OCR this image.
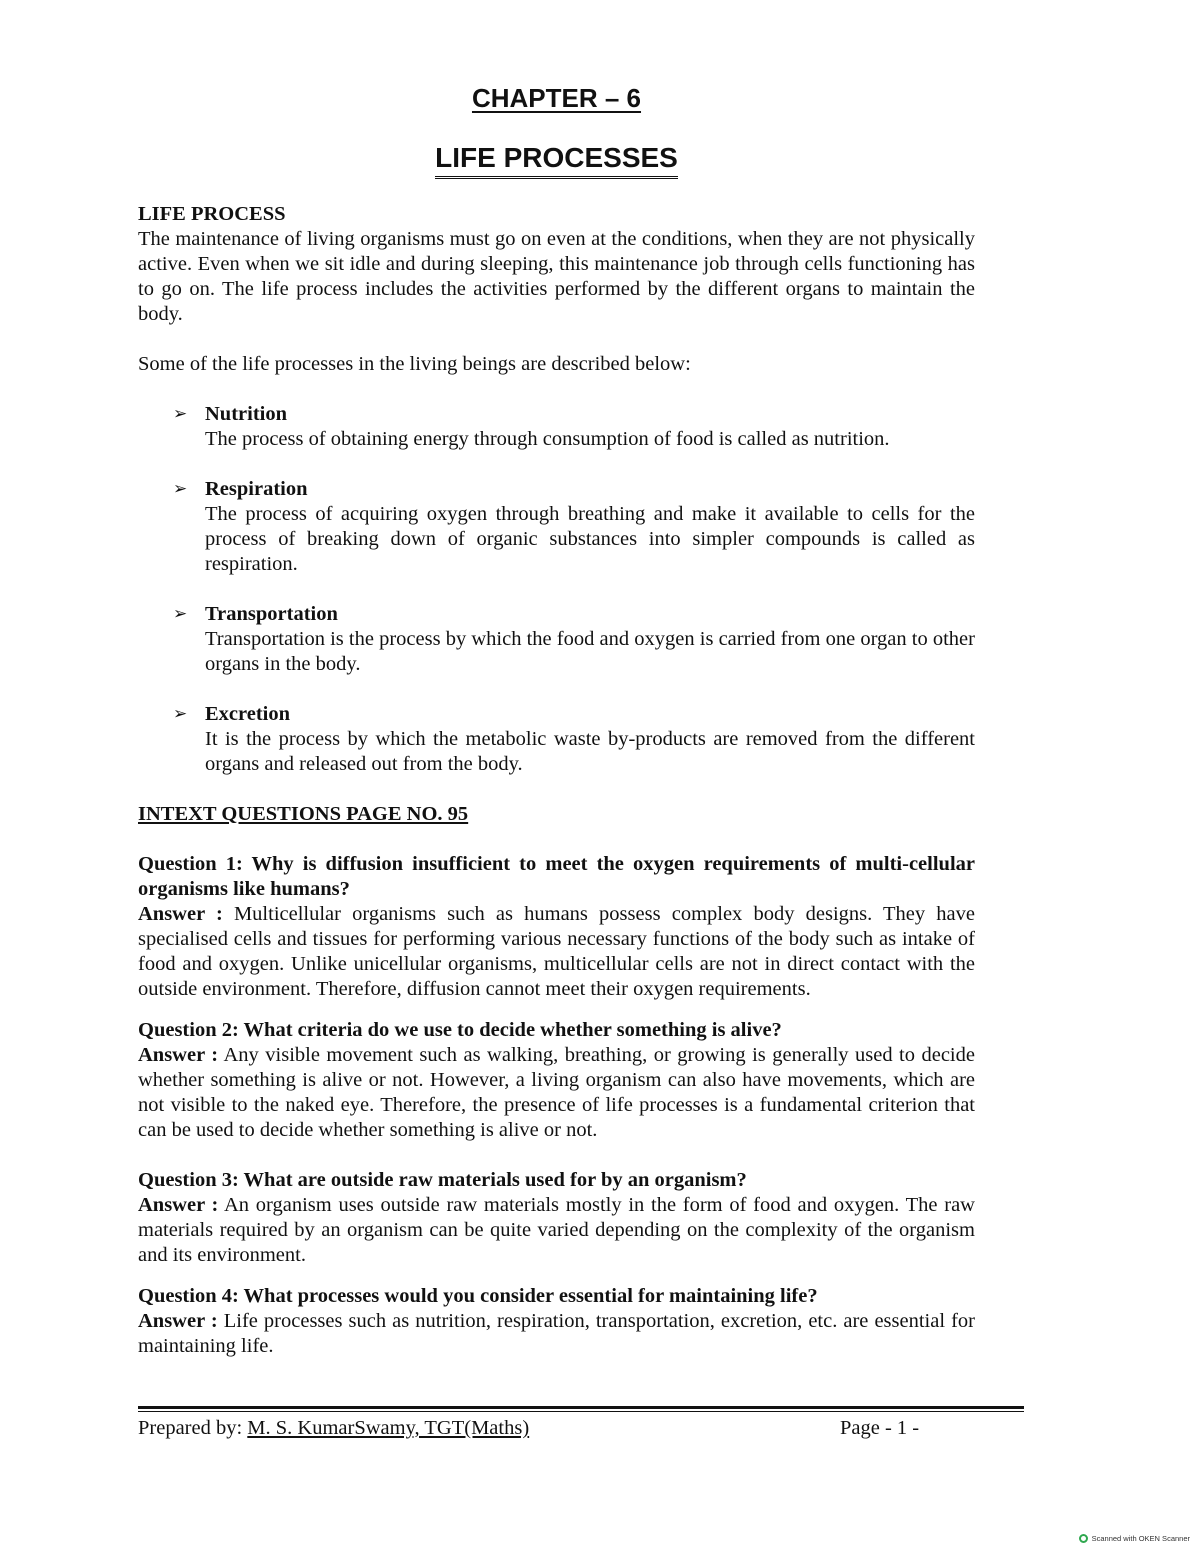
CHAPTER – 6
LIFE PROCESSES

LIFE PROCESS

The maintenance of living organisms must go on even at the conditions, when they are not physically active. Even when we sit idle and during sleeping, this maintenance job through cells functioning has to go on. The life process includes the activities performed by the different organs to maintain the body.

Some of the life processes in the living beings are described below:

➢ Nutrition
The process of obtaining energy through consumption of food is called as nutrition.
➢ Respiration
The process of acquiring oxygen through breathing and make it available to cells for the process of breaking down of organic substances into simpler compounds is called as respiration.
➢ Transportation
Transportation is the process by which the food and oxygen is carried from one organ to other organs in the body.
➢ Excretion
It is the process by which the metabolic waste by-products are removed from the different organs and released out from the body.

INTEXT QUESTIONS PAGE NO. 95

Question 1: Why is diffusion insufficient to meet the oxygen requirements of multi-cellular organisms like humans?

Answer : Multicellular organisms such as humans possess complex body designs. They have specialised cells and tissues for performing various necessary functions of the body such as intake of food and oxygen. Unlike unicellular organisms, multicellular cells are not in direct contact with the outside environment. Therefore, diffusion cannot meet their oxygen requirements.

Question 2: What criteria do we use to decide whether something is alive?

Answer : Any visible movement such as walking, breathing, or growing is generally used to decide whether something is alive or not. However, a living organism can also have movements, which are not visible to the naked eye. Therefore, the presence of life processes is a fundamental criterion that can be used to decide whether something is alive or not.

Question 3: What are outside raw materials used for by an organism?

Answer : An organism uses outside raw materials mostly in the form of food and oxygen. The raw materials required by an organism can be quite varied depending on the complexity of the organism and its environment.

Question 4: What processes would you consider essential for maintaining life?

Answer : Life processes such as nutrition, respiration, transportation, excretion, etc. are essential for maintaining life.

Prepared by: M. S. KumarSwamy, TGT(Maths)	Page - 1 -
Scanned with OKEN Scanner
